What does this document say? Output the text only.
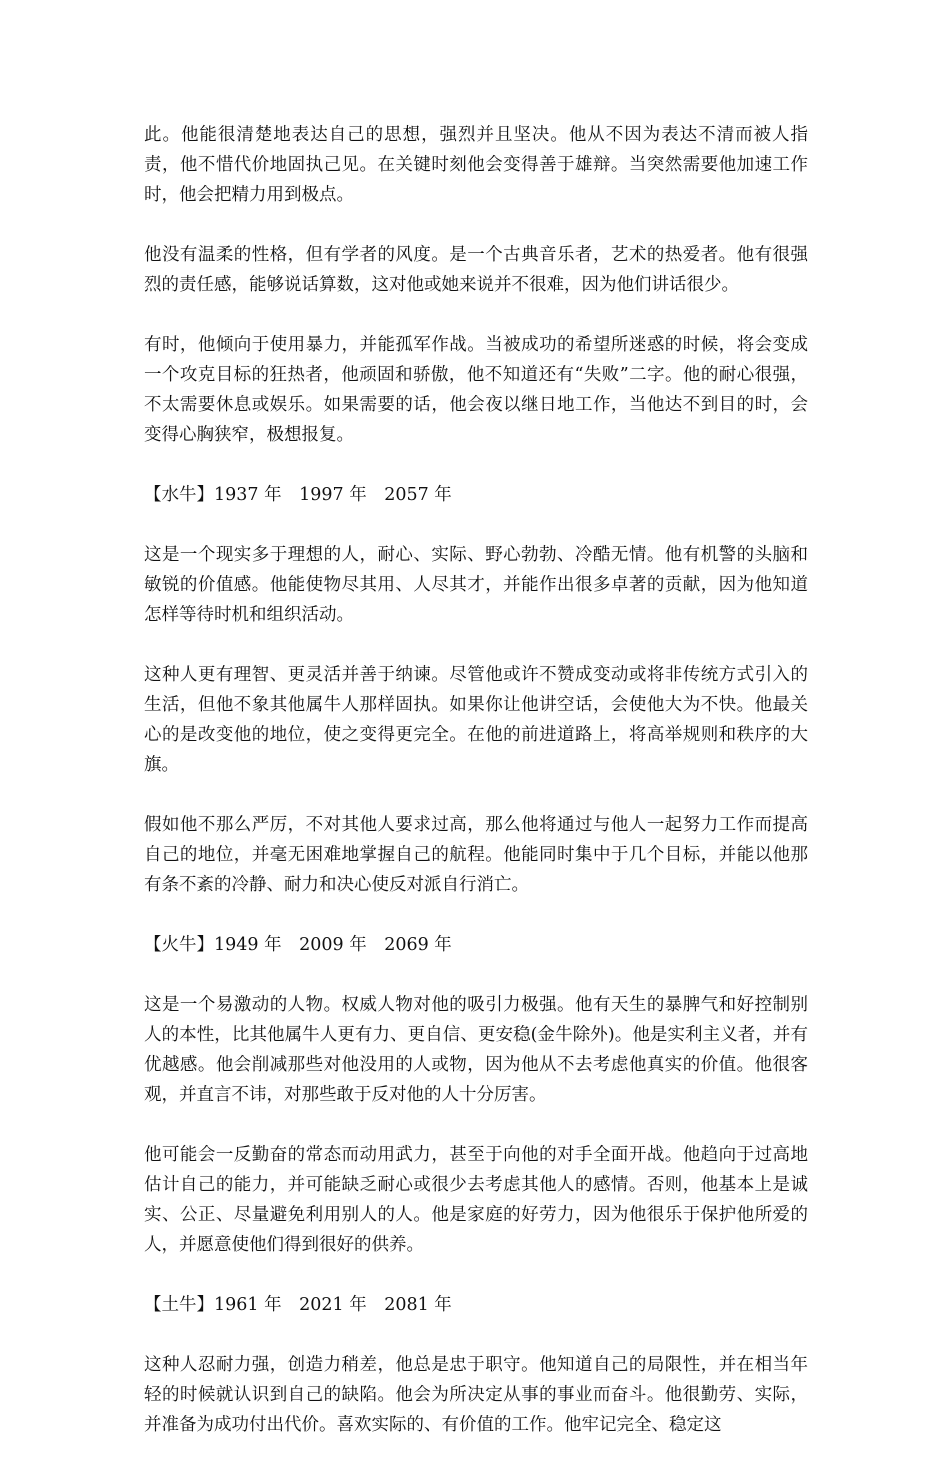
此。他能很清楚地表达自己的思想，强烈并且坚决。他从不因为表达不清而被人指责，他不惜代价地固执己见。在关键时刻他会变得善于雄辩。当突然需要他加速工作时，他会把精力用到极点。

他没有温柔的性格，但有学者的风度。是一个古典音乐者，艺术的热爱者。他有很强烈的责任感，能够说话算数，这对他或她来说并不很难，因为他们讲话很少。

有时，他倾向于使用暴力，并能孤军作战。当被成功的希望所迷惑的时候，将会变成一个攻克目标的狂热者，他顽固和骄傲，他不知道还有“失败”二字。他的耐心很强，不太需要休息或娱乐。如果需要的话，他会夜以继日地工作，当他达不到目的时，会变得心胸狭窄，极想报复。

【水牛】1937 年　1997 年　2057 年

这是一个现实多于理想的人，耐心、实际、野心勃勃、冷酷无情。他有机警的头脑和敏锐的价值感。他能使物尽其用、人尽其才，并能作出很多卓著的贡献，因为他知道怎样等待时机和组织活动。

这种人更有理智、更灵活并善于纳谏。尽管他或许不赞成变动或将非传统方式引入的生活，但他不象其他属牛人那样固执。如果你让他讲空话，会使他大为不快。他最关心的是改变他的地位，使之变得更完全。在他的前进道路上，将高举规则和秩序的大旗。

假如他不那么严厉，不对其他人要求过高，那么他将通过与他人一起努力工作而提高自己的地位，并毫无困难地掌握自己的航程。他能同时集中于几个目标，并能以他那有条不紊的冷静、耐力和决心使反对派自行消亡。

【火牛】1949 年　2009 年　2069 年

这是一个易激动的人物。权威人物对他的吸引力极强。他有天生的暴脾气和好控制别人的本性，比其他属牛人更有力、更自信、更安稳(金牛除外)。他是实利主义者，并有优越感。他会削减那些对他没用的人或物，因为他从不去考虑他真实的价值。他很客观，并直言不讳，对那些敢于反对他的人十分厉害。

他可能会一反勤奋的常态而动用武力，甚至于向他的对手全面开战。他趋向于过高地估计自己的能力，并可能缺乏耐心或很少去考虑其他人的感情。否则，他基本上是诚实、公正、尽量避免利用别人的人。他是家庭的好劳力，因为他很乐于保护他所爱的人，并愿意使他们得到很好的供养。

【土牛】1961 年　2021 年　2081 年

这种人忍耐力强，创造力稍差，他总是忠于职守。他知道自己的局限性，并在相当年轻的时候就认识到自己的缺陷。他会为所决定从事的事业而奋斗。他很勤劳、实际，并准备为成功付出代价。喜欢实际的、有价值的工作。他牢记完全、稳定这
